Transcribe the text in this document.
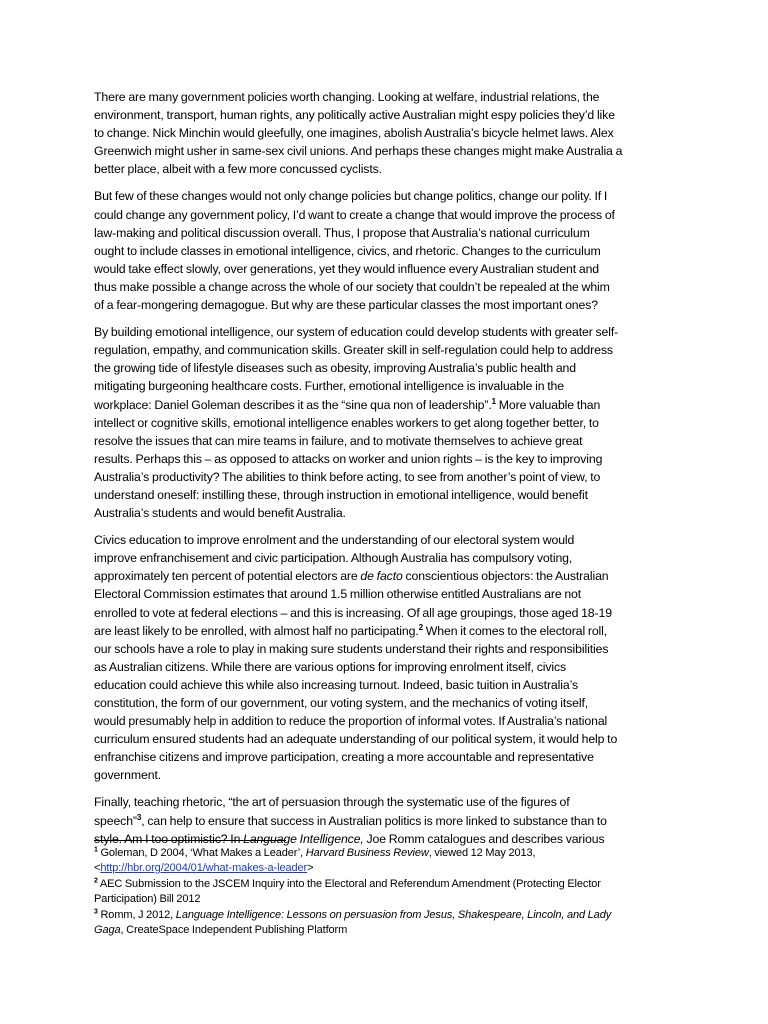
There are many government policies worth changing. Looking at welfare, industrial relations, the
environment, transport, human rights, any politically active Australian might espy policies they’d like
to change. Nick Minchin would gleefully, one imagines, abolish Australia’s bicycle helmet laws. Alex
Greenwich might usher in same-sex civil unions. And perhaps these changes might make Australia a
better place, albeit with a few more concussed cyclists.

But few of these changes would not only change policies but change politics, change our polity. If I
could change any government policy, I’d want to create a change that would improve the process of
law-making and political discussion overall. Thus, I propose that Australia’s national curriculum
ought to include classes in emotional intelligence, civics, and rhetoric. Changes to the curriculum
would take effect slowly, over generations, yet they would influence every Australian student and
thus make possible a change across the whole of our society that couldn’t be repealed at the whim
of a fear-mongering demagogue. But why are these particular classes the most important ones?

By building emotional intelligence, our system of education could develop students with greater self-
regulation, empathy, and communication skills. Greater skill in self-regulation could help to address
the growing tide of lifestyle diseases such as obesity, improving Australia’s public health and
mitigating burgeoning healthcare costs. Further, emotional intelligence is invaluable in the
workplace: Daniel Goleman describes it as the “sine qua non of leadership”.$^1$ More valuable than
intellect or cognitive skills, emotional intelligence enables workers to get along together better, to
resolve the issues that can mire teams in failure, and to motivate themselves to achieve great
results. Perhaps this – as opposed to attacks on worker and union rights – is the key to improving
Australia’s productivity? The abilities to think before acting, to see from another’s point of view, to
understand oneself: instilling these, through instruction in emotional intelligence, would benefit
Australia’s students and would benefit Australia.

Civics education to improve enrolment and the understanding of our electoral system would
improve enfranchisement and civic participation. Although Australia has compulsory voting,
approximately ten percent of potential electors are de facto conscientious objectors: the Australian
Electoral Commission estimates that around 1.5 million otherwise entitled Australians are not
enrolled to vote at federal elections – and this is increasing. Of all age groupings, those aged 18-19
are least likely to be enrolled, with almost half no participating.$^2$ When it comes to the electoral roll,
our schools have a role to play in making sure students understand their rights and responsibilities
as Australian citizens. While there are various options for improving enrolment itself, civics
education could achieve this while also increasing turnout. Indeed, basic tuition in Australia’s
constitution, the form of our government, our voting system, and the mechanics of voting itself,
would presumably help in addition to reduce the proportion of informal votes. If Australia’s national
curriculum ensured students had an adequate understanding of our political system, it would help to
enfranchise citizens and improve participation, creating a more accountable and representative
government.

Finally, teaching rhetoric, “the art of persuasion through the systematic use of the figures of
speech”$^3$, can help to ensure that success in Australian politics is more linked to substance than to
style. Am I too optimistic? In Language Intelligence, Joe Romm catalogues and describes various

$^1$ Goleman, D 2004, ‘What Makes a Leader’, Harvard Business Review, viewed 12 May 2013,
<http://hbr.org/2004/01/what-makes-a-leader>

$^2$ AEC Submission to the JSCEM Inquiry into the Electoral and Referendum Amendment (Protecting Elector
Participation) Bill 2012

$^3$ Romm, J 2012, Language Intelligence: Lessons on persuasion from Jesus, Shakespeare, Lincoln, and Lady
Gaga, CreateSpace Independent Publishing Platform
